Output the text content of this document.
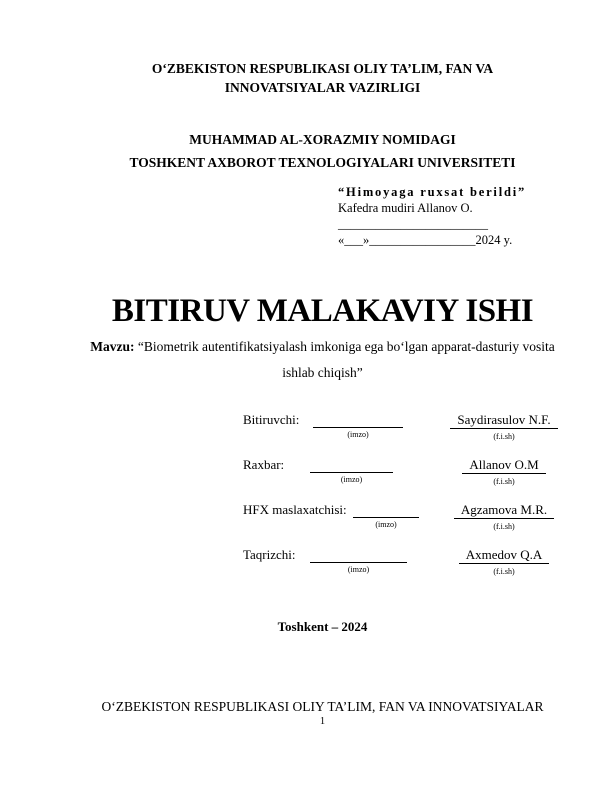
O‘ZBEKISTON RESPUBLIKASI OLIY TA’LIM, FAN VA
INNOVATSIYALAR VAZIRLIGI
MUHAMMAD AL-XORAZMIY NOMIDAGI
TOSHKENT AXBOROT TEXNOLOGIYALARI UNIVERSITETI
“Himoyaga ruxsat berildi”
Kafedra mudiri Allanov O.
________________________
«___»_________________2024 y.
BITIRUV MALAKAVIY ISHI
Mavzu: “Biometrik autentifikatsiyalash imkoniga ega bo‘lgan apparat-dasturiy vosita
ishlab chiqish”
Bitiruvchi:
(imzo)
Saydirasulov N.F.
(f.i.sh)
Raxbar:
(imzo)
Allanov O.M
(f.i.sh)
HFX maslaxatchisi:
(imzo)
Agzamova M.R.
(f.i.sh)
Taqrizchi:
(imzo)
Axmedov Q.A
(f.i.sh)
Toshkent – 2024
O‘ZBEKISTON RESPUBLIKASI OLIY TA’LIM, FAN VA INNOVATSIYALAR
1
